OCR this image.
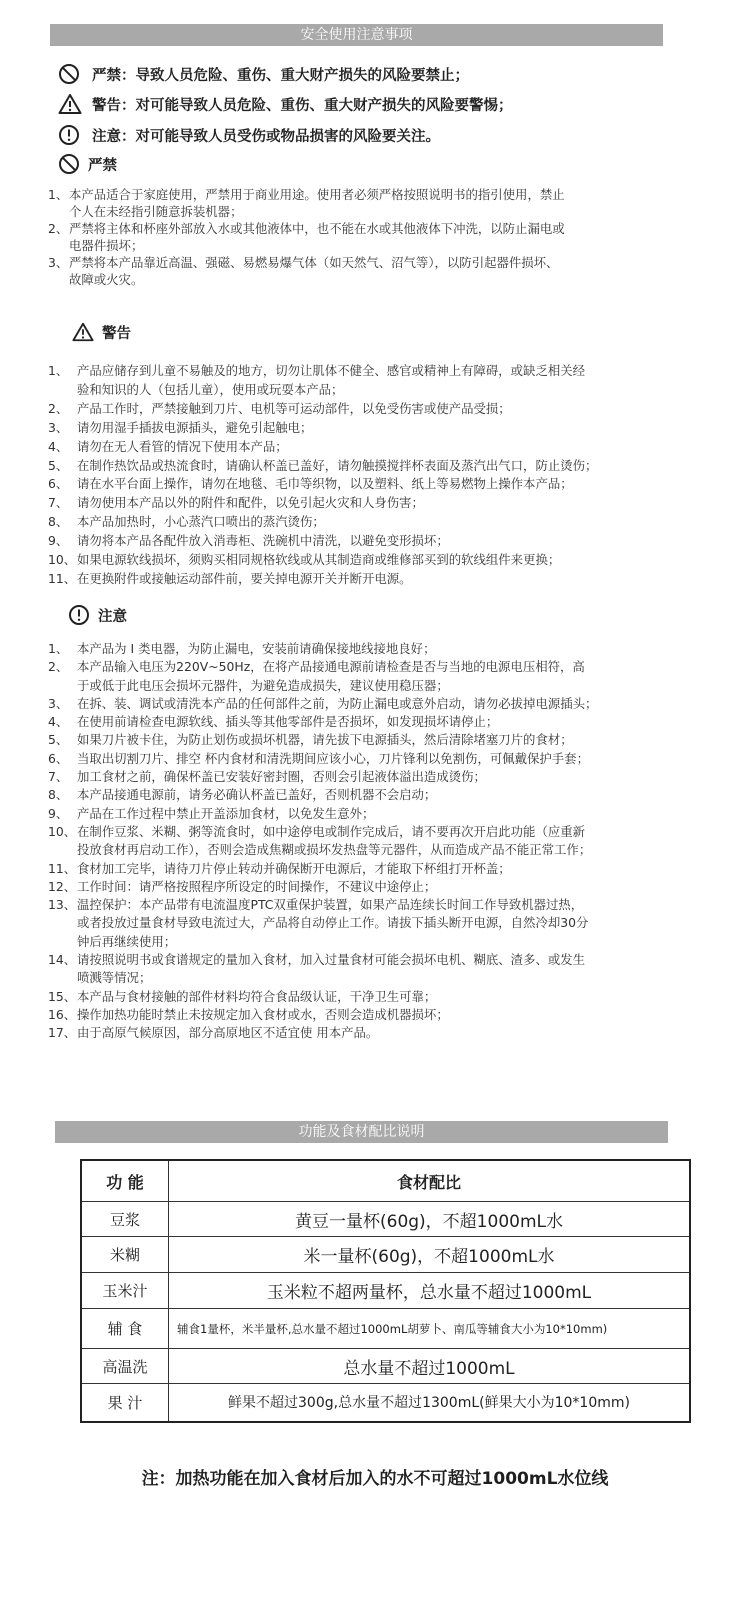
安全使用注意事项
严禁：导致人员危险、重伤、重大财产损失的风险要禁止；
警告：对可能导致人员危险、重伤、重大财产损失的风险要警惕；
注意：对可能导致人员受伤或物品损害的风险要关注。
严禁
1、 本产品适合于家庭使用，严禁用于商业用途。使用者必须严格按照说明书的指引使用，禁止
个人在未经指引随意拆装机器；
2、 严禁将主体和杯座外部放入水或其他液体中，也不能在水或其他液体下冲洗，以防止漏电或
电器件损坏；
3、 严禁将本产品靠近高温、强磁、易燃易爆气体（如天然气、沼气等），以防引起器件损坏、
故障或火灾。
警告
1、 产品应储存到儿童不易触及的地方，切勿让肌体不健全、感官或精神上有障碍，或缺乏相关经
验和知识的人（包括儿童），使用或玩耍本产品；
2、 产品工作时，严禁接触到刀片、电机等可运动部件，以免受伤害或使产品受损；
3、 请勿用湿手插拔电源插头，避免引起触电；
4、 请勿在无人看管的情况下使用本产品；
5、 在制作热饮品或热流食时，请确认杯盖已盖好，请勿触摸搅拌杯表面及蒸汽出气口，防止烫伤；
6、 请在水平台面上操作，请勿在地毯、毛巾等织物，以及塑料、纸上等易燃物上操作本产品；
7、 请勿使用本产品以外的附件和配件，以免引起火灾和人身伤害；
8、 本产品加热时，小心蒸汽口喷出的蒸汽烫伤；
9、 请勿将本产品各配件放入消毒柜、洗碗机中清洗，以避免变形损坏；
10、 如果电源软线损坏，须购买相同规格软线或从其制造商或维修部买到的软线组件来更换；
11、 在更换附件或接触运动部件前，要关掉电源开关并断开电源。
注意
1、 本产品为 Ⅰ 类电器，为防止漏电，安装前请确保接地线接地良好；
2、 本产品输入电压为220V~50Hz，在将产品接通电源前请检查是否与当地的电源电压相符，高
于或低于此电压会损坏元器件，为避免造成损失，建议使用稳压器；
3、 在拆、装、调试或清洗本产品的任何部件之前，为防止漏电或意外启动，请勿必拔掉电源插头；
4、 在使用前请检查电源软线、插头等其他零部件是否损坏，如发现损坏请停止；
5、 如果刀片被卡住，为防止划伤或损坏机器，请先拔下电源插头，然后清除堵塞刀片的食材；
6、 当取出切割刀片、排空 杯内食材和清洗期间应该小心，刀片锋利以免割伤，可佩戴保护手套；
7、 加工食材之前，确保杯盖已安装好密封圈，否则会引起液体溢出造成烫伤；
8、 本产品接通电源前，请务必确认杯盖已盖好，否则机器不会启动；
9、 产品在工作过程中禁止开盖添加食材，以免发生意外；
10、 在制作豆浆、米糊、粥等流食时，如中途停电或制作完成后，请不要再次开启此功能（应重新
投放食材再启动工作），否则会造成焦糊或损坏发热盘等元器件，从而造成产品不能正常工作；
11、 食材加工完毕，请待刀片停止转动并确保断开电源后，才能取下杯组打开杯盖；
12、 工作时间：请严格按照程序所设定的时间操作，不建议中途停止；
13、 温控保护：本产品带有电流温度PTC双重保护装置，如果产品连续长时间工作导致机器过热，
或者投放过量食材导致电流过大，产品将自动停止工作。请拔下插头断开电源，自然冷却30分
钟后再继续使用；
14、 请按照说明书或食谱规定的量加入食材，加入过量食材可能会损坏电机、糊底、渣多、或发生
喷溅等情况；
15、 本产品与食材接触的部件材料均符合食品级认证，干净卫生可靠；
16、 操作加热功能时禁止未按规定加入食材或水，否则会造成机器损坏；
17、 由于高原气候原因，部分高原地区不适宜使 用本产品。
功能及食材配比说明
功 能	食材配比
豆浆	黄豆一量杯(60g)，不超1000mL水
米糊	米一量杯(60g)，不超1000mL水
玉米汁	玉米粒不超两量杯，总水量不超过1000mL
辅 食	辅食1量杯，米半量杯,总水量不超过1000mL胡萝卜、南瓜等辅食大小为10*10mm)
高温洗	总水量不超过1000mL
果 汁	鲜果不超过300g,总水量不超过1300mL(鲜果大小为10*10mm)
注：加热功能在加入食材后加入的水不可超过1000mL水位线
